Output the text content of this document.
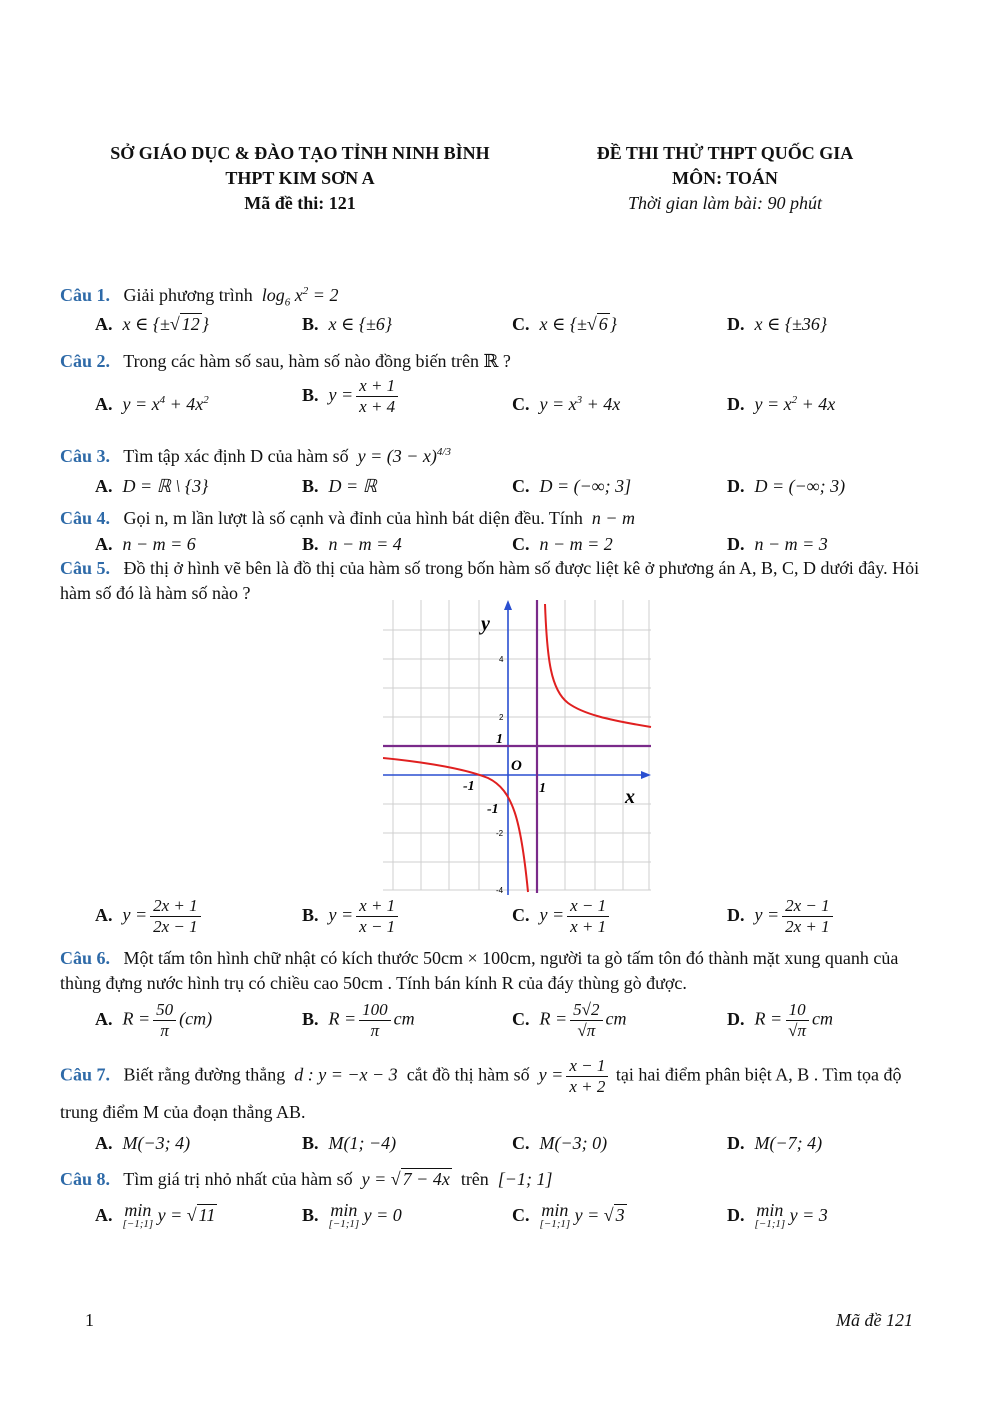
SỞ GIÁO DỤC & ĐÀO TẠO TỈNH NINH BÌNH
THPT KIM SƠN A
Mã đề thi: 121
ĐỀ THI THỬ THPT QUỐC GIA
MÔN: TOÁN
Thời gian làm bài: 90 phút
Câu 1. Giải phương trình  $\log_6 x^2 = 2$
A. x ∈ {±√ 12 }	B. x ∈ {±6}	C. x ∈ {±√ 6 }	D. x ∈ {±36}
Câu 2. Trong các hàm số sau, hàm số nào đồng biến trên ℝ ?
A. $y = x^4 + 4x^2$	B. $y = \frac{x + 1}{x + 4}$	C. $y = x^3 + 4x$	D. $y = x^2 + 4x$
Câu 3. Tìm tập xác định D của hàm số  $y = (3 - x)^{4/3}$
A. D = ℝ \ {3}	B. D = ℝ	C. D = (−∞; 3]	D. D = (−∞; 3)
Câu 4. Gọi n, m lần lượt là số cạnh và đỉnh của hình bát diện đều. Tính  n − m
A. n − m = 6	B. n − m = 4	C. n − m = 2	D. n − m = 3
Câu 5. Đồ thị ở hình vẽ bên là đồ thị của hàm số trong bốn hàm số được liệt kê ở phương án A, B, C, D dưới đây. Hỏi hàm số đó là hàm số nào ?
y
x
O
1
-1
1
-1
4
2
-2
-4
A. $y = \frac{2x + 1}{2x - 1}$	B. $y = \frac{x + 1}{x - 1}$	C. $y = \frac{x - 1}{x + 1}$	D. $y = \frac{2x - 1}{2x + 1}$
Câu 6. Một tấm tôn hình chữ nhật có kích thước 50cm × 100cm, người ta gò tấm tôn đó thành mặt xung quanh của thùng đựng nước hình trụ có chiều cao 50cm . Tính bán kính R của đáy thùng gò được.
A. $R = \frac{50}{\pi} (cm)$	B. $R = \frac{100}{\pi}$ cm	C. $R = \frac{5√2}{√\pi}$ cm	D. $R = \frac{10}{√\pi}$ cm
Câu 7. Biết rằng đường thẳng  d : y = −x − 3  cắt đồ thị hàm số  $y = \frac{x - 1}{x + 2}$ tại hai điểm phân biệt A, B . Tìm tọa độ trung điểm M của đoạn thẳng AB.
A. M(−3; 4)	B. M(1; −4)	C. M(−3; 0)	D. M(−7; 4)
Câu 8. Tìm giá trị nhỏ nhất của hàm số  y = √ 7 − 4x trên  [−1; 1]
A. min
[−1;1] y = √ 11	B. min
[−1;1] y = 0	C. min
[−1;1] y = √ 3	D. min
[−1;1] y = 3
1	Mã đề 121
